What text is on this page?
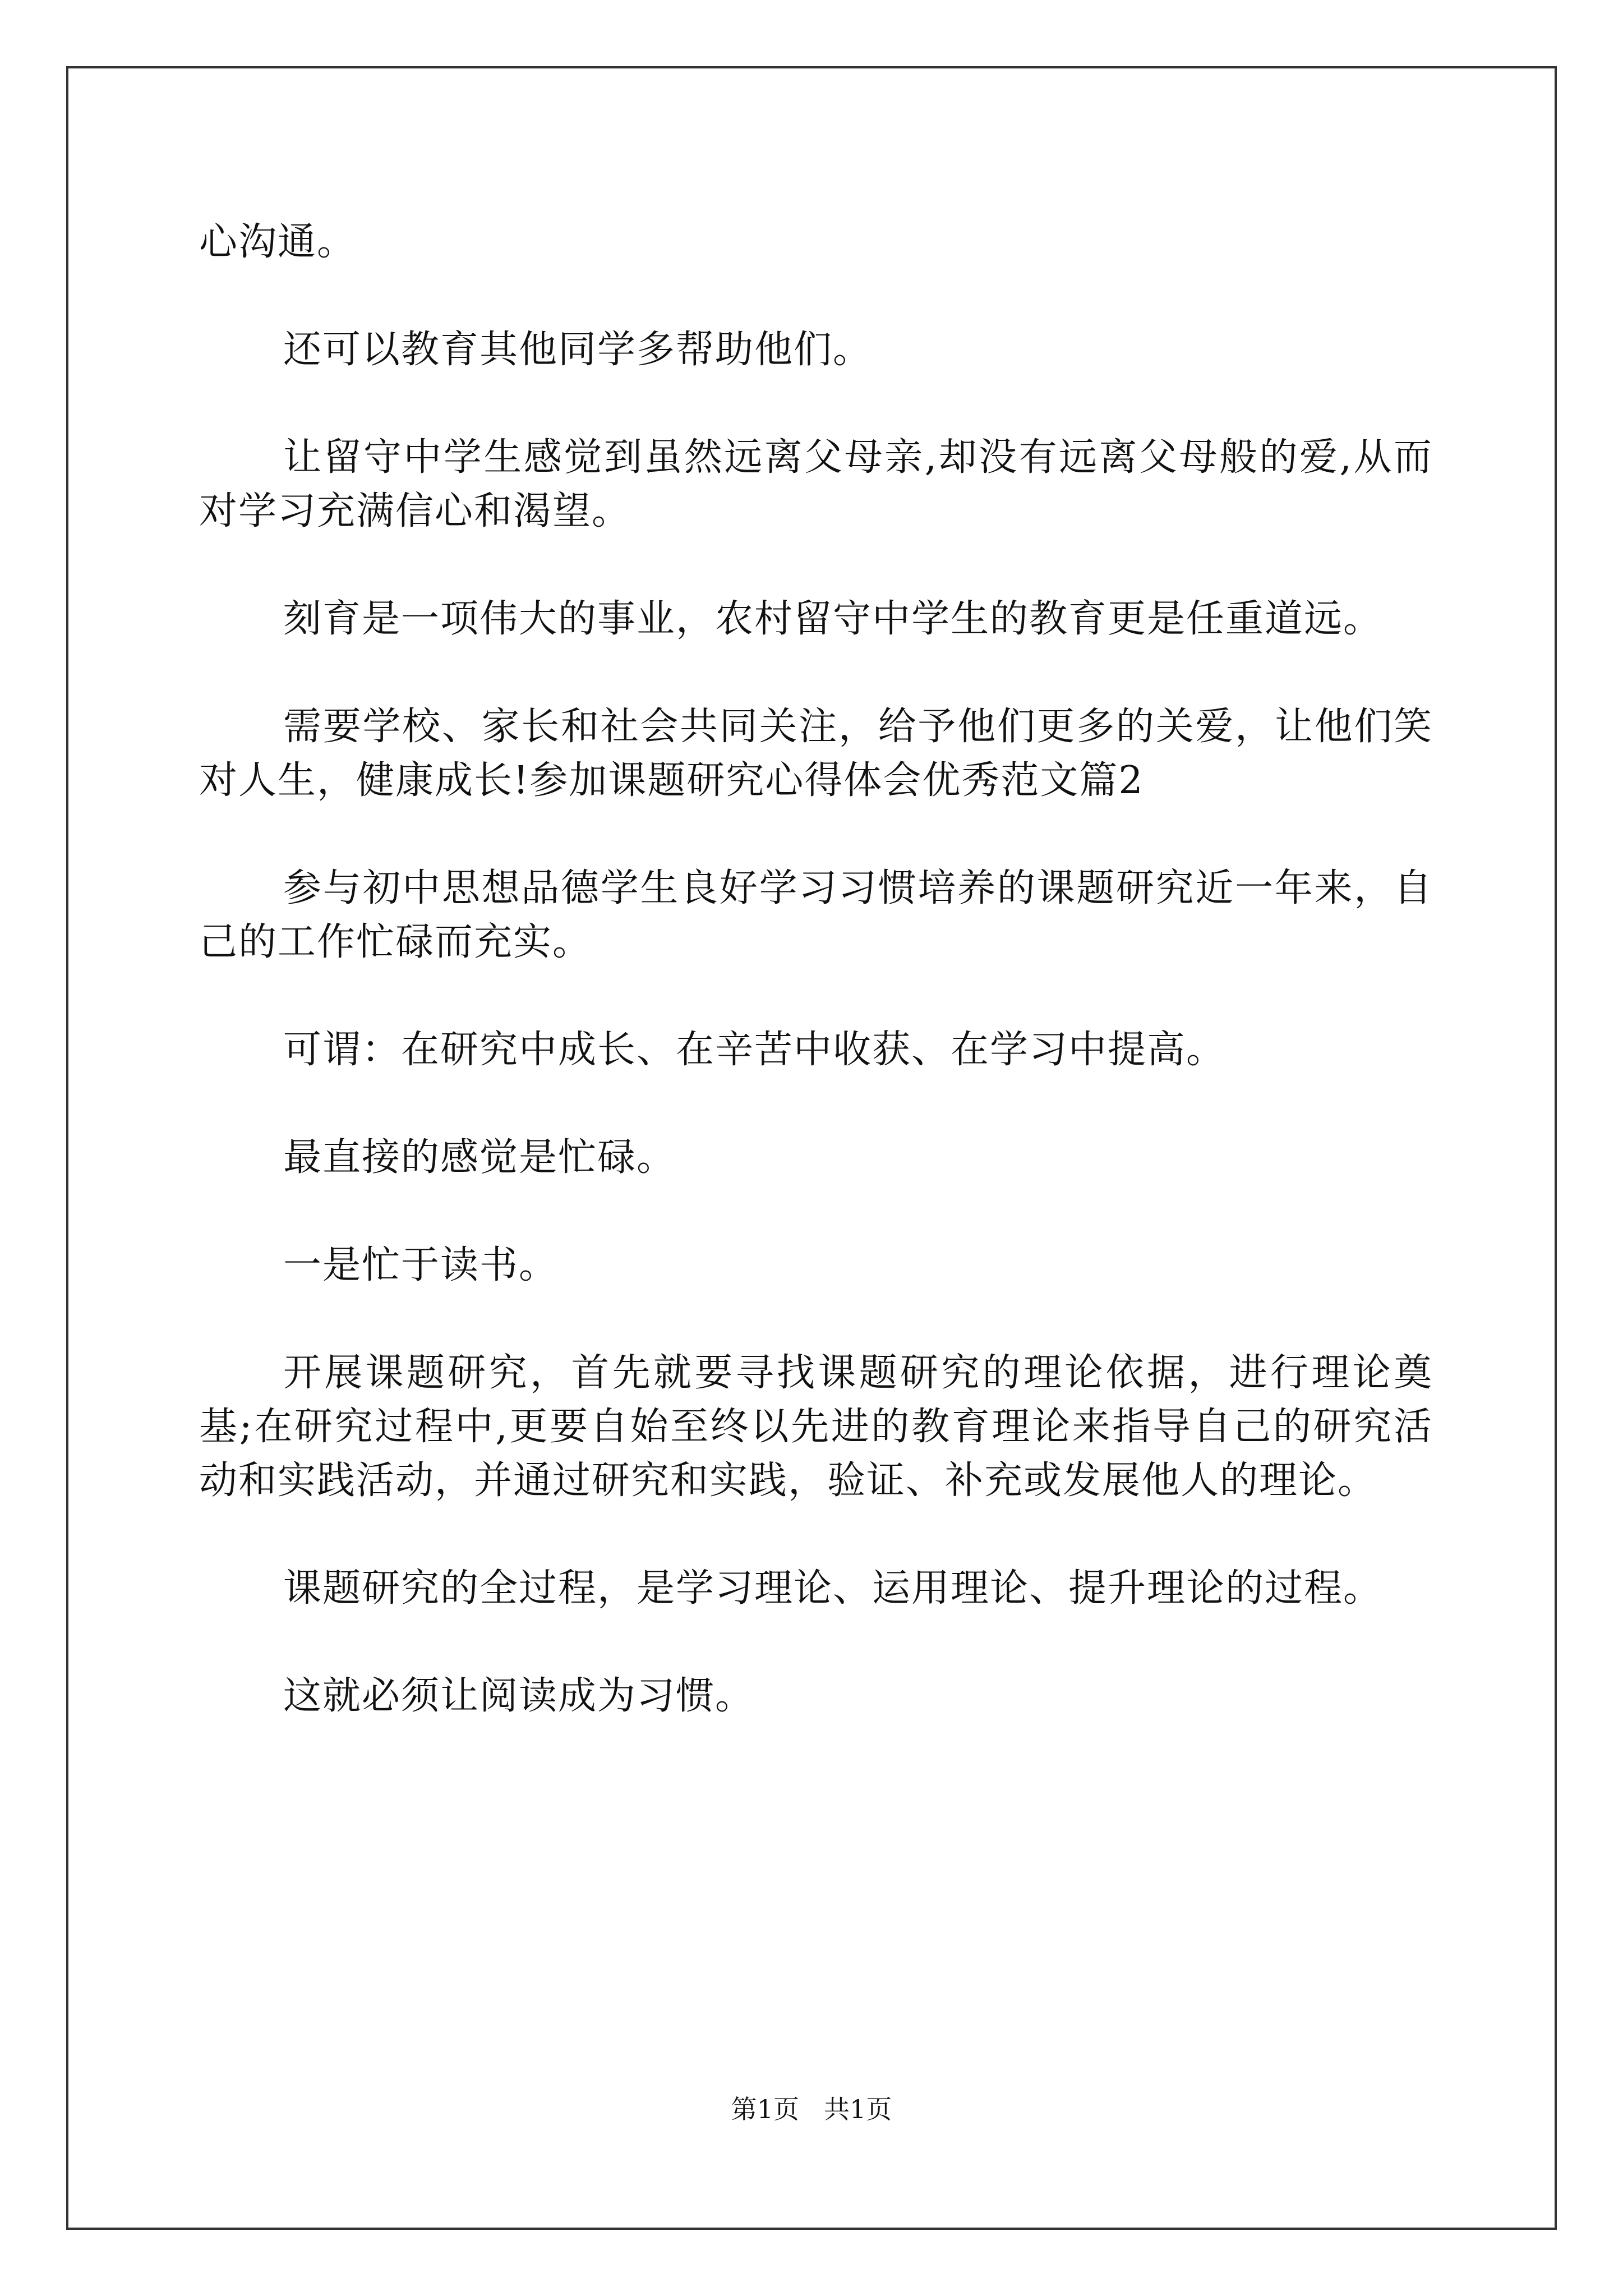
心沟通。

还可以教育其他同学多帮助他们。

让留守中学生感觉到虽然远离父母亲,却没有远离父母般的爱,从而对学习充满信心和渴望。

刻育是一项伟大的事业，农村留守中学生的教育更是任重道远。

需要学校、家长和社会共同关注，给予他们更多的关爱，让他们笑对人生，健康成长!参加课题研究心得体会优秀范文篇2

参与初中思想品德学生良好学习习惯培养的课题研究近一年来，自己的工作忙碌而充实。

可谓：在研究中成长、在辛苦中收获、在学习中提高。

最直接的感觉是忙碌。

一是忙于读书。

开展课题研究，首先就要寻找课题研究的理论依据，进行理论奠基;在研究过程中,更要自始至终以先进的教育理论来指导自己的研究活动和实践活动，并通过研究和实践，验证、补充或发展他人的理论。

课题研究的全过程，是学习理论、运用理论、提升理论的过程。

这就必须让阅读成为习惯。

第1页 共1页
